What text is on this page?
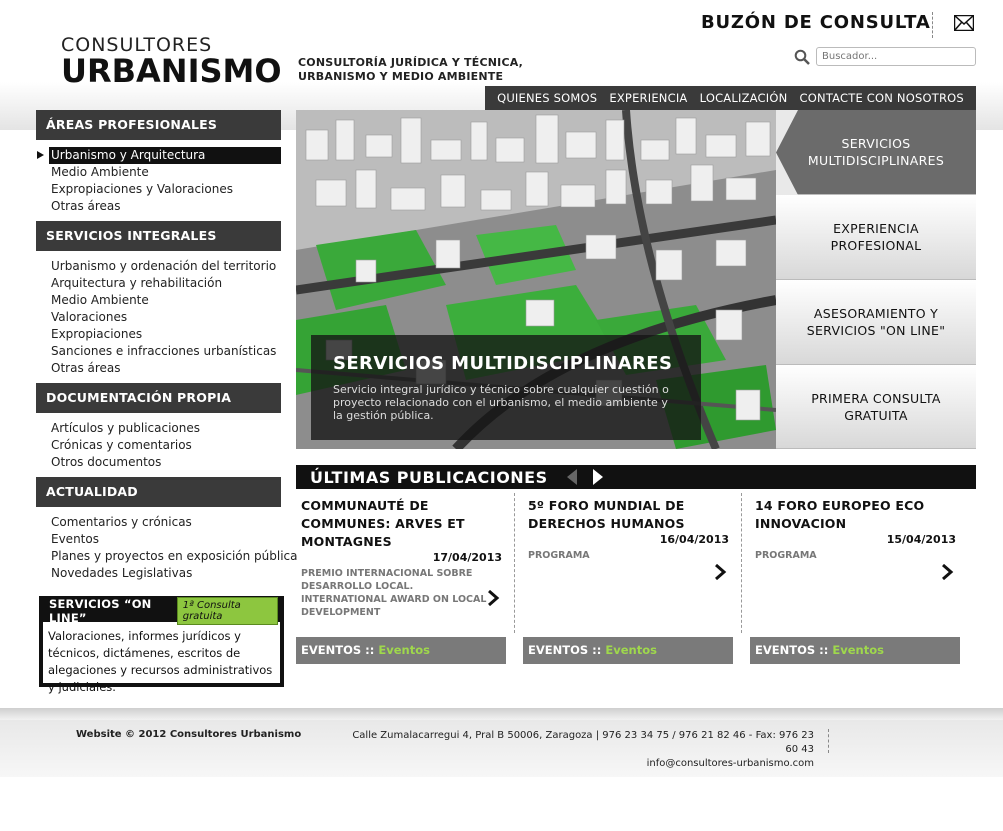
CONSULTORES
URBANISMO CONSULTORÍA JURÍDICA Y TÉCNICA,
URBANISMO Y MEDIO AMBIENTE
BUZÓN DE CONSULTA
Buscador...
QUIENES SOMOS EXPERIENCIA LOCALIZACIÓN CONTACTE CON NOSOTROS
ÁREAS PROFESIONALES
Urbanismo y Arquitectura
Medio Ambiente
Expropiaciones y Valoraciones
Otras áreas
SERVICIOS INTEGRALES
Urbanismo y ordenación del territorio
Arquitectura y rehabilitación
Medio Ambiente
Valoraciones
Expropiaciones
Sanciones e infracciones urbanísticas
Otras áreas
DOCUMENTACIÓN PROPIA
Artículos y publicaciones
Crónicas y comentarios
Otros documentos
ACTUALIDAD
Comentarios y crónicas
Eventos
Planes y proyectos en exposición pública
Novedades Legislativas
SERVICIOS “ON LINE”
1ª Consulta gratuita
Valoraciones, informes jurídicos y técnicos, dictámenes, escritos de alegaciones y recursos administrativos y judiciales.
SERVICIOS MULTIDISCIPLINARES
Servicio integral jurídico y técnico sobre cualquier cuestión o proyecto relacionado con el urbanismo, el medio ambiente y la gestión pública.
SERVICIOS
MULTIDISCIPLINARES
EXPERIENCIA
PROFESIONAL
ASESORAMIENTO Y
SERVICIOS "ON LINE"
PRIMERA CONSULTA
GRATUITA
ÚLTIMAS PUBLICACIONES
COMMUNAUTÉ DE COMMUNES: ARVES ET MONTAGNES
17/04/2013
PREMIO INTERNACIONAL SOBRE DESARROLLO LOCAL. INTERNATIONAL AWARD ON LOCAL DEVELOPMENT
EVENTOS :: Eventos
5º FORO MUNDIAL DE DERECHOS HUMANOS
16/04/2013
PROGRAMA
EVENTOS :: Eventos
14 FORO EUROPEO ECO INNOVACION
15/04/2013
PROGRAMA
EVENTOS :: Eventos
Website © 2012 Consultores Urbanismo	Calle Zumalacarregui 4, Pral B 50006, Zaragoza | 976 23 34 75 / 976 21 82 46 - Fax: 976 23 60 43
info@consultores-urbanismo.com
